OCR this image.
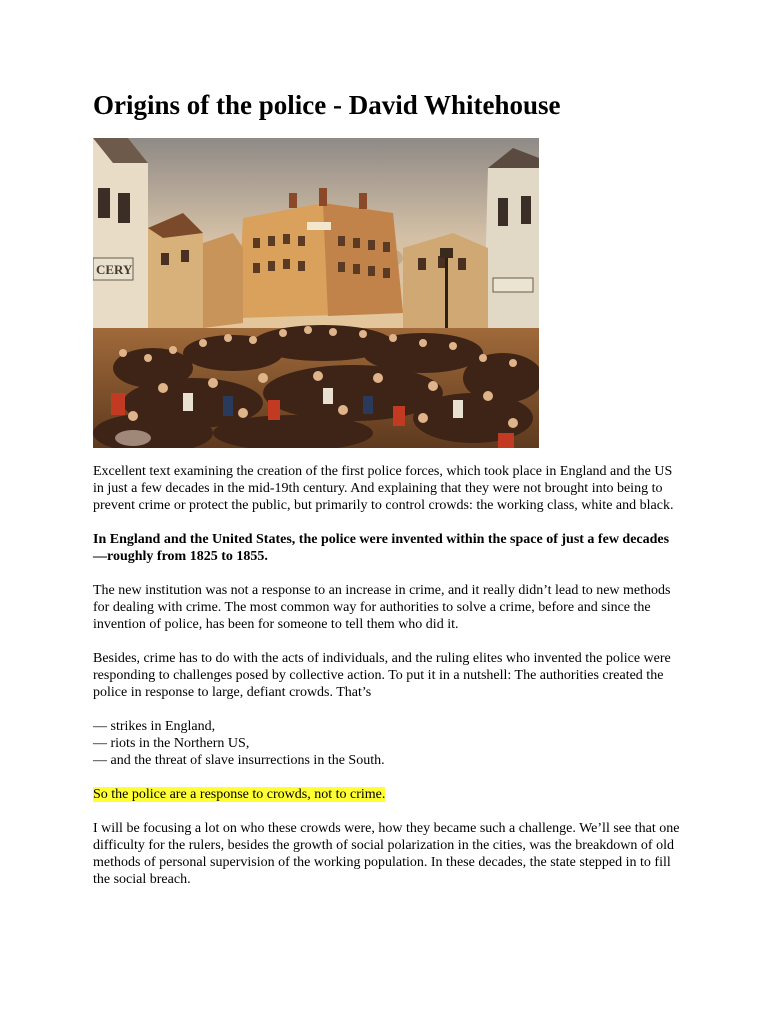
Origins of the police - David Whitehouse
CERY

Excellent text examining the creation of the first police forces, which took place in England and the US in just a few decades in the mid-19th century. And explaining that they were not brought into being to prevent crime or protect the public, but primarily to control crowds: the working class, white and black.

In England and the United States, the police were invented within the space of just a few decades—roughly from 1825 to 1855.

The new institution was not a response to an increase in crime, and it really didn’t lead to new methods for dealing with crime. The most common way for authorities to solve a crime, before and since the invention of police, has been for someone to tell them who did it.

Besides, crime has to do with the acts of individuals, and the ruling elites who invented the police were responding to challenges posed by collective action. To put it in a nutshell: The authorities created the police in response to large, defiant crowds. That’s

— strikes in England,
— riots in the Northern US,
— and the threat of slave insurrections in the South.

So the police are a response to crowds, not to crime.

I will be focusing a lot on who these crowds were, how they became such a challenge. We’ll see that one difficulty for the rulers, besides the growth of social polarization in the cities, was the breakdown of old methods of personal supervision of the working population. In these decades, the state stepped in to fill the social breach.
